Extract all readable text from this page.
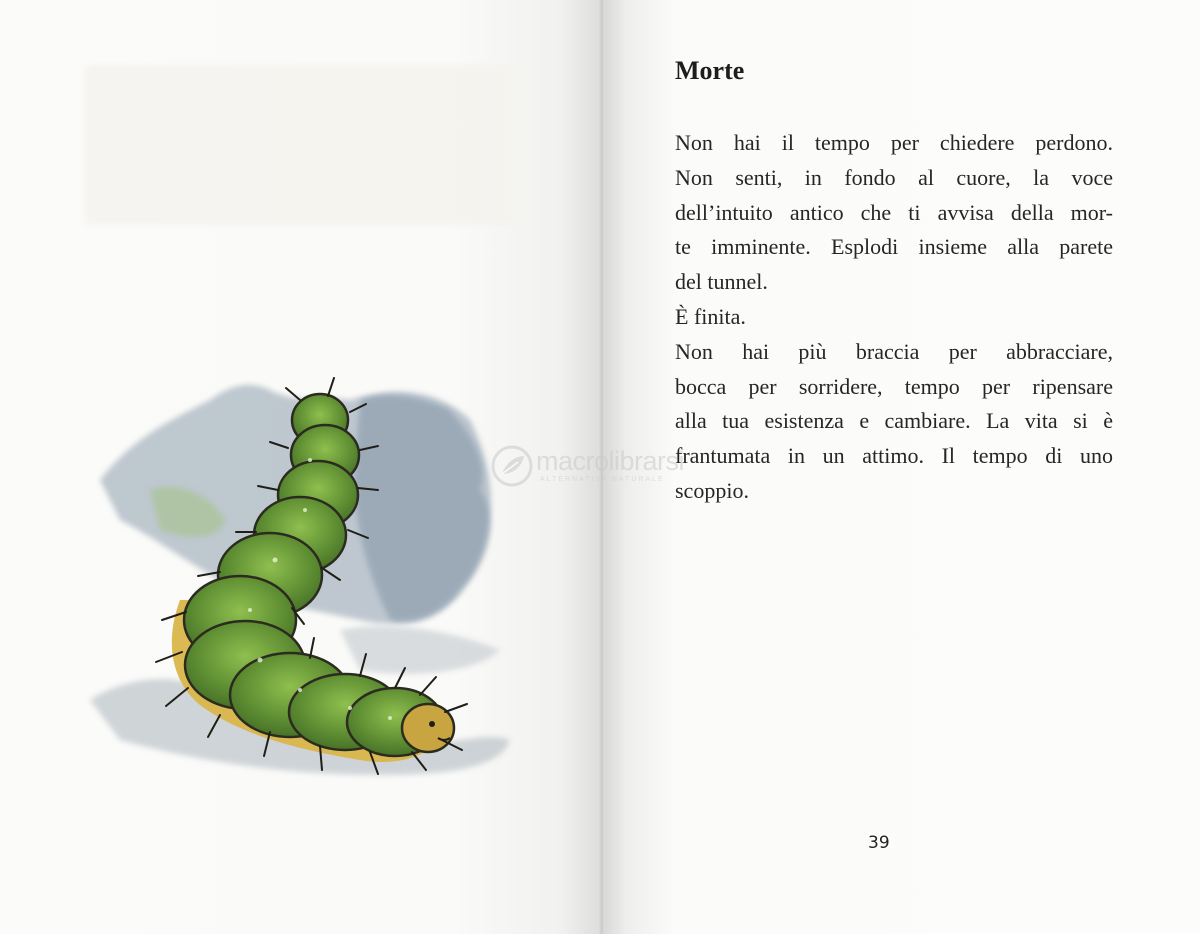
Morte
Non hai il tempo per chiedere perdono.
Non senti, in fondo al cuore, la voce
dell’intuito antico che ti avvisa della mor-
te imminente. Esplodi insieme alla parete
del tunnel.
È finita.
Non hai più braccia per abbracciare,
bocca per sorridere, tempo per ripensare
alla tua esistenza e cambiare. La vita si è
frantumata in un attimo. Il tempo di uno
scoppio.
39
macrolibrarsi
ALTERNATIVA NATURALE
